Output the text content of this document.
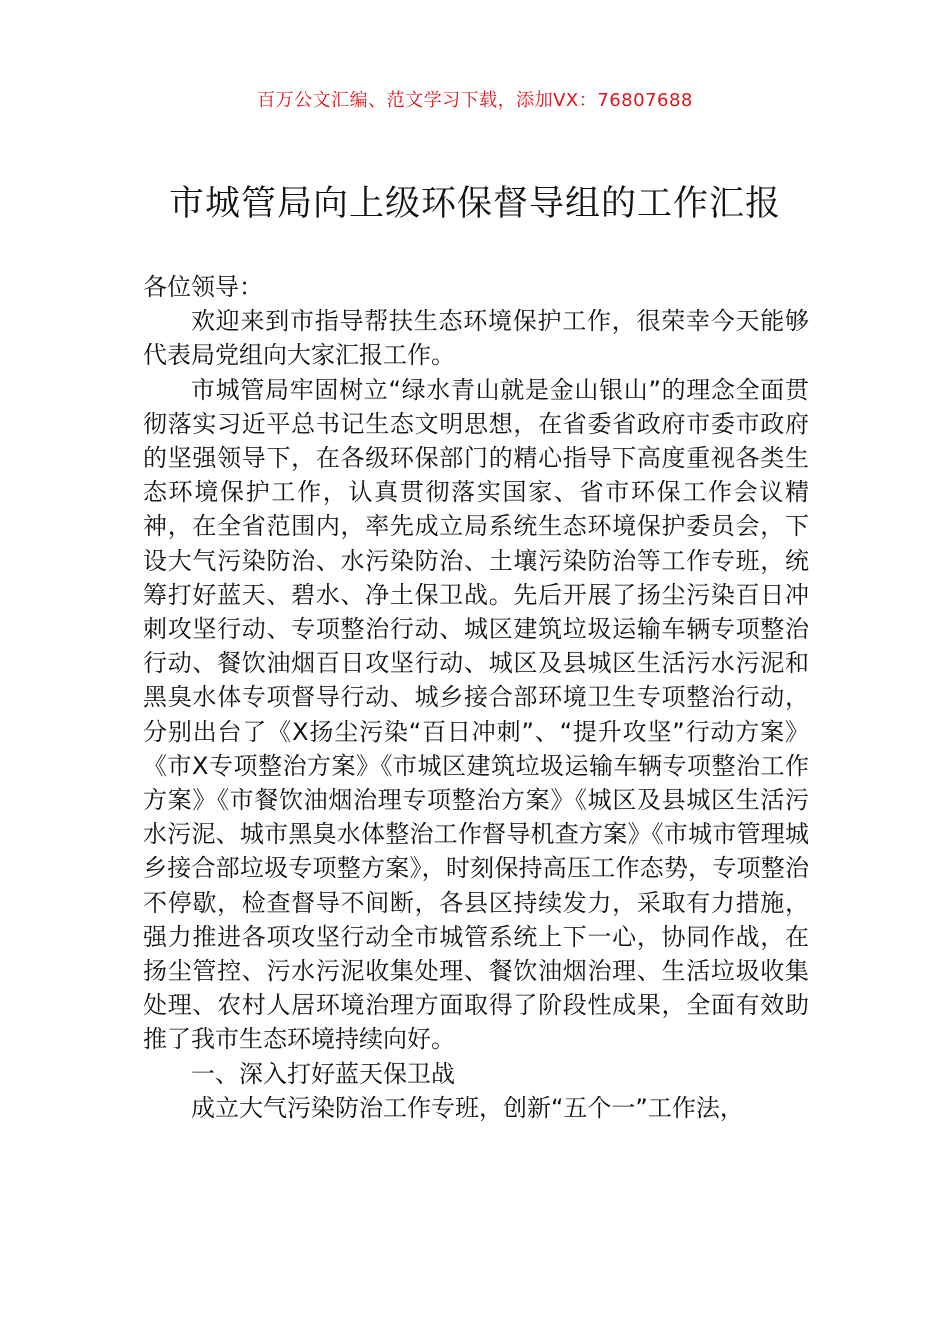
百万公文汇编、范文学习下载，添加VX：76807688
市城管局向上级环保督导组的工作汇报

各位领导：

欢迎来到市指导帮扶生态环境保护工作，很荣幸今天能够代表局党组向大家汇报工作。

市城管局牢固树立“绿水青山就是金山银山”的理念全面贯彻落实习近平总书记生态文明思想，在省委省政府市委市政府的坚强领导下，在各级环保部门的精心指导下高度重视各类生态环境保护工作，认真贯彻落实国家、省市环保工作会议精神，在全省范围内，率先成立局系统生态环境保护委员会，下设大气污染防治、水污染防治、土壤污染防治等工作专班，统筹打好蓝天、碧水、净土保卫战。先后开展了扬尘污染百日冲刺攻坚行动、专项整治行动、城区建筑垃圾运输车辆专项整治行动、餐饮油烟百日攻坚行动、城区及县城区生活污水污泥和黑臭水体专项督导行动、城乡接合部环境卫生专项整治行动，分别出台了《X扬尘污染“百日冲刺”、“提升攻坚”行动方案》《市X专项整治方案》《市城区建筑垃圾运输车辆专项整治工作方案》《市餐饮油烟治理专项整治方案》《城区及县城区生活污水污泥、城市黑臭水体整治工作督导机查方案》《市城市管理城乡接合部垃圾专项整方案》，时刻保持高压工作态势，专项整治不停歇，检查督导不间断，各县区持续发力，采取有力措施，强力推进各项攻坚行动全市城管系统上下一心，协同作战，在扬尘管控、污水污泥收集处理、餐饮油烟治理、生活垃圾收集处理、农村人居环境治理方面取得了阶段性成果，全面有效助推了我市生态环境持续向好。

一、深入打好蓝天保卫战

成立大气污染防治工作专班，创新“五个一”工作法，
